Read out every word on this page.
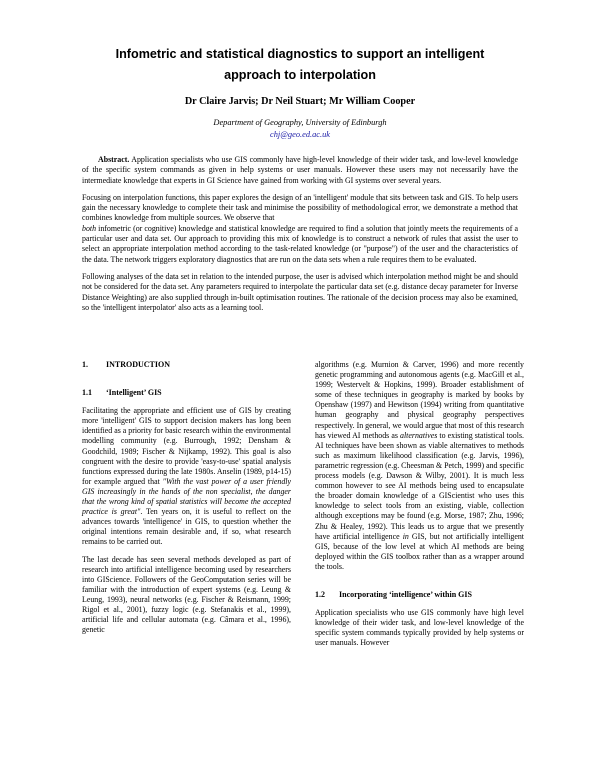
Infometric and statistical diagnostics to support an intelligent
approach to interpolation
Dr Claire Jarvis; Dr Neil Stuart; Mr William Cooper
Department of Geography, University of Edinburgh
chj@geo.ed.ac.uk

Abstract. Application specialists who use GIS commonly have high-level knowledge of their wider task, and low-level knowledge of the specific system commands as given in help systems or user manuals. However these users may not necessarily have the intermediate knowledge that experts in GI Science have gained from working with GI systems over several years.

Focusing on interpolation functions, this paper explores the design of an 'intelligent' module that sits between task and GIS. To help users gain the necessary knowledge to complete their task and minimise the possibility of methodological error, we demonstrate a method that combines knowledge from multiple sources. We observe that
both infometric (or cognitive) knowledge and statistical knowledge are required to find a solution that jointly meets the requirements of a particular user and data set. Our approach to providing this mix of knowledge is to construct a network of rules that assist the user to select an appropriate interpolation method according to the task-related knowledge (or "purpose") of the user and the characteristics of the data. The network triggers exploratory diagnostics that are run on the data sets when a rule requires them to be evaluated.

Following analyses of the data set in relation to the intended purpose, the user is advised which interpolation method might be and should not be considered for the data set. Any parameters required to interpolate the particular data set (e.g. distance decay parameter for Inverse Distance Weighting) are also supplied through in-built optimisation routines. The rationale of the decision process may also be examined, so the 'intelligent interpolator' also acts as a learning tool.

1. INTRODUCTION
1.1 ‘Intelligent’ GIS

Facilitating the appropriate and efficient use of GIS by creating more 'intelligent' GIS to support decision makers has long been identified as a priority for basic research within the environmental modelling community (e.g. Burrough, 1992; Densham & Goodchild, 1989; Fischer & Nijkamp, 1992). This goal is also congruent with the desire to provide 'easy-to-use' spatial analysis functions expressed during the late 1980s. Anselin (1989, p14-15) for example argued that "With the vast power of a user friendly GIS increasingly in the hands of the non specialist, the danger that the wrong kind of spatial statistics will become the accepted practice is great". Ten years on, it is useful to reflect on the advances towards 'intelligence' in GIS, to question whether the original intentions remain desirable and, if so, what research remains to be carried out.

The last decade has seen several methods developed as part of research into artificial intelligence becoming used by researchers into GIScience. Followers of the GeoComputation series will be familiar with the introduction of expert systems (e.g. Leung & Leung, 1993), neural networks (e.g. Fischer & Reismann, 1999; Rigol et al., 2001), fuzzy logic (e.g. Stefanakis et al., 1999), artificial life and cellular automata (e.g. Câmara et al., 1996), genetic

algorithms (e.g. Murnion & Carver, 1996) and more recently genetic programming and autonomous agents (e.g. MacGill et al., 1999; Westervelt & Hopkins, 1999). Broader establishment of some of these techniques in geography is marked by books by Openshaw (1997) and Hewitson (1994) writing from quantitative human geography and physical geography perspectives respectively. In general, we would argue that most of this research has viewed AI methods as alternatives to existing statistical tools. AI techniques have been shown as viable alternatives to methods such as maximum likelihood classification (e.g. Jarvis, 1996), parametric regression (e.g. Cheesman & Petch, 1999) and specific process models (e.g. Dawson & Wilby, 2001). It is much less common however to see AI methods being used to encapsulate the broader domain knowledge of a GIScientist who uses this knowledge to select tools from an existing, viable, collection although exceptions may be found (e.g. Morse, 1987; Zhu, 1996; Zhu & Healey, 1992). This leads us to argue that we presently have artificial intelligence in GIS, but not artificially intelligent GIS, because of the low level at which AI methods are being deployed within the GIS toolbox rather than as a wrapper around the tools.

1.2 Incorporating ‘intelligence’ within GIS

Application specialists who use GIS commonly have high level knowledge of their wider task, and low-level knowledge of the specific system commands typically provided by help systems or user manuals. However
